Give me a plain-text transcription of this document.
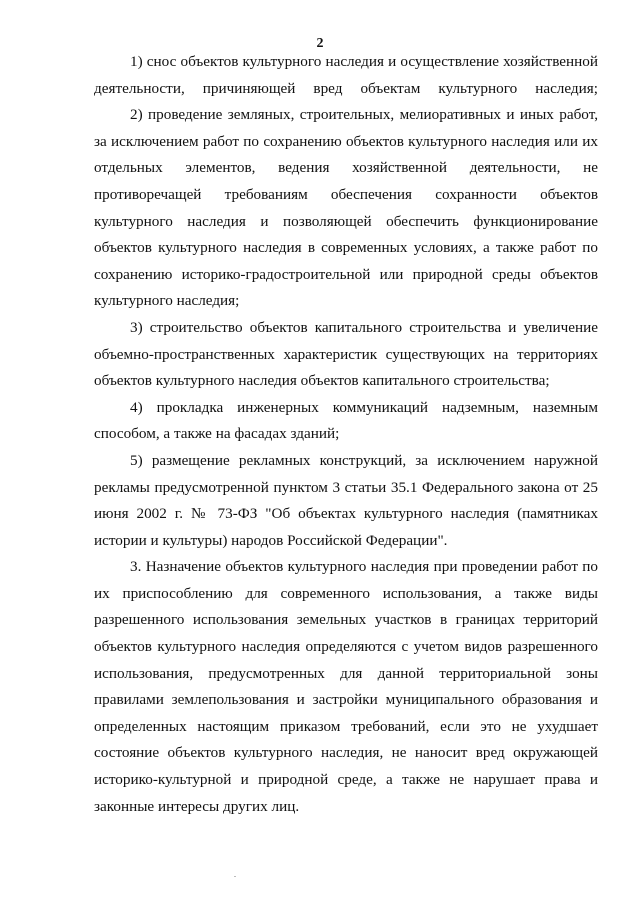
2

1) снос объектов культурного наследия и осуществление хозяйственной деятельности, причиняющей вред объектам культурного наследия;

2) проведение земляных, строительных, мелиоративных и иных работ, за исключением работ по сохранению объектов культурного наследия или их отдельных элементов, ведения хозяйственной деятельности, не противоречащей требованиям обеспечения сохранности объектов культурного наследия и позволяющей обеспечить функционирование объектов культурного наследия в современных условиях, а также работ по сохранению историко-градостроительной или природной среды объектов культурного наследия;

3) строительство объектов капитального строительства и увеличение объемно-пространственных характеристик существующих на территориях объектов культурного наследия объектов капитального строительства;

4) прокладка инженерных коммуникаций надземным, наземным способом, а также на фасадах зданий;

5) размещение рекламных конструкций, за исключением наружной рекламы предусмотренной пунктом 3 статьи 35.1 Федерального закона от 25 июня 2002 г. № 73-ФЗ "Об объектах культурного наследия (памятниках истории и культуры) народов Российской Федерации".

3. Назначение объектов культурного наследия при проведении работ по их приспособлению для современного использования, а также виды разрешенного использования земельных участков в границах территорий объектов культурного наследия определяются с учетом видов разрешенного использования, предусмотренных для данной территориальной зоны правилами землепользования и застройки муниципального образования и определенных настоящим приказом требований, если это не ухудшает состояние объектов культурного наследия, не наносит вред окружающей историко-культурной и природной среде, а также не нарушает права и законные интересы других лиц.
